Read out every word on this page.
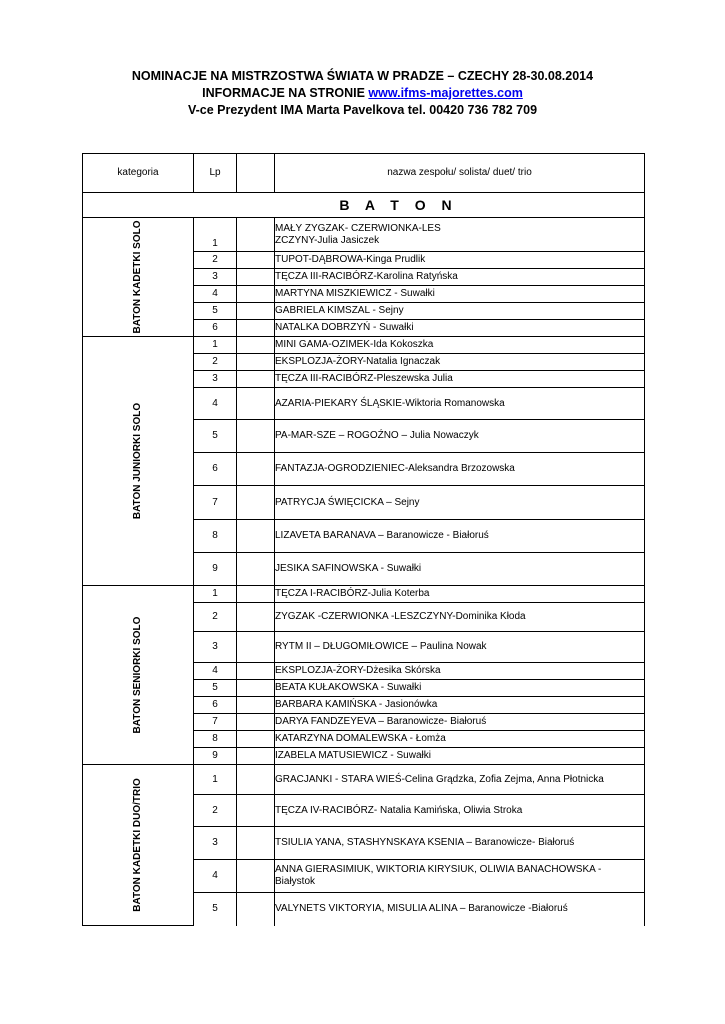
NOMINACJE NA MISTRZOSTWA ŚWIATA W PRADZE – CZECHY 28-30.08.2014
INFORMACJE NA STRONIE www.ifms-majorettes.com
V-ce Prezydent IMA Marta Pavelkova tel. 00420 736 782 709
kategoria	Lp		nazwa zespołu/ solista/ duet/ trio
B A T O N			

BATON KADETKI SOLO	1		MAŁY ZYGZAK- CZERWIONKA-LES
ZCZYNY-Julia Jasiczek
	2		TUPOT-DĄBROWA-Kinga Prudlik
	3		TĘCZA III-RACIBÓRZ-Karolina Ratyńska
	4		MARTYNA MISZKIEWICZ - Suwałki
	5		GABRIELA KIMSZAL - Sejny
	6		NATALKA DOBRZYŃ - Suwałki

BATON JUNIORKI SOLO	1		MINI GAMA-OZIMEK-Ida Kokoszka
	2		EKSPLOZJA-ŻORY-Natalia Ignaczak
	3		TĘCZA III-RACIBÓRZ-Pleszewska Julia
	4		AZARIA-PIEKARY ŚLĄSKIE-Wiktoria Romanowska
	5		PA-MAR-SZE – ROGOŹNO – Julia Nowaczyk
	6		FANTAZJA-OGRODZIENIEC-Aleksandra Brzozowska
	7		PATRYCJA ŚWIĘCICKA – Sejny
	8		LIZAVETA BARANAVA – Baranowicze - Białoruś
	9		JESIKA SAFINOWSKA - Suwałki

BATON SENIORKI SOLO	1		TĘCZA I-RACIBÓRZ-Julia Koterba
	2		ZYGZAK -CZERWIONKA -LESZCZYNY-Dominika Kłoda
	3		RYTM II – DŁUGOMIŁOWICE – Paulina Nowak
	4		EKSPLOZJA-ŻORY-Dżesika Skórska
	5		BEATA KUŁAKOWSKA - Suwałki
	6		BARBARA KAMIŃSKA - Jasionówka
	7		DARYA FANDZEYEVA – Baranowicze- Białoruś
	8		KATARZYNA DOMALEWSKA - Łomża
	9		IZABELA MATUSIEWICZ - Suwałki

BATON KADETKI DUO/TRIO	1		GRACJANKI - STARA WIEŚ-Celina Grądzka, Zofia Zejma, Anna Płotnicka
	2		TĘCZA IV-RACIBÓRZ- Natalia Kamińska, Oliwia Stroka
	3		TSIULIA YANA, STASHYNSKAYA KSENIA – Baranowicze- Białoruś
	4		ANNA GIERASIMIUK, WIKTORIA KIRYSIUK, OLIWIA BANACHOWSKA - Białystok
	5		VALYNETS VIKTORYIA, MISULIA ALINA – Baranowicze -Białoruś
